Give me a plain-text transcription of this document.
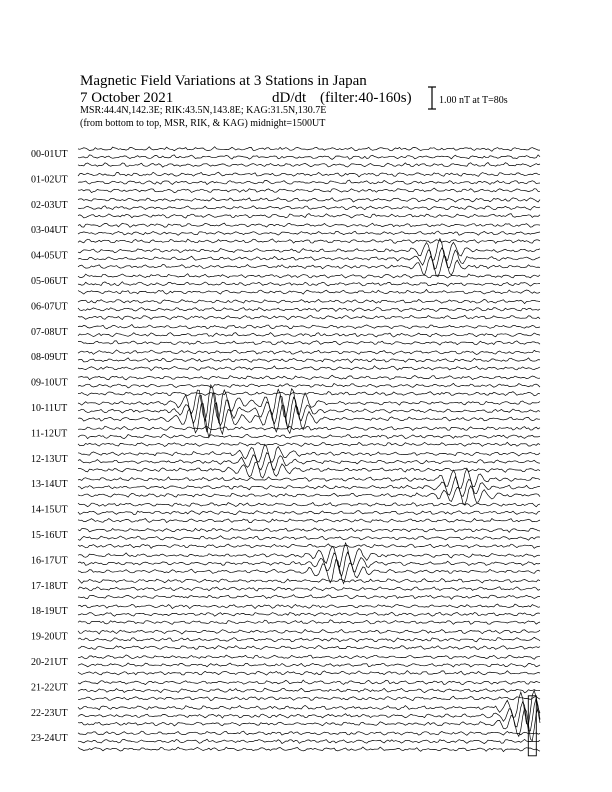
Magnetic Field Variations at 3 Stations in Japan
7 October 2021	dD/dt (filter:40-160s)
MSR:44.4N,142.3E; RIK:43.5N,143.8E; KAG:31.5N,130.7E
(from bottom to top, MSR, RIK, & KAG) midnight=1500UT
1.00 nT at T=80s
00-01UT
01-02UT
02-03UT
03-04UT
04-05UT
05-06UT
06-07UT
07-08UT
08-09UT
09-10UT
10-11UT
11-12UT
12-13UT
13-14UT
14-15UT
15-16UT
16-17UT
17-18UT
18-19UT
19-20UT
20-21UT
21-22UT
22-23UT
23-24UT
